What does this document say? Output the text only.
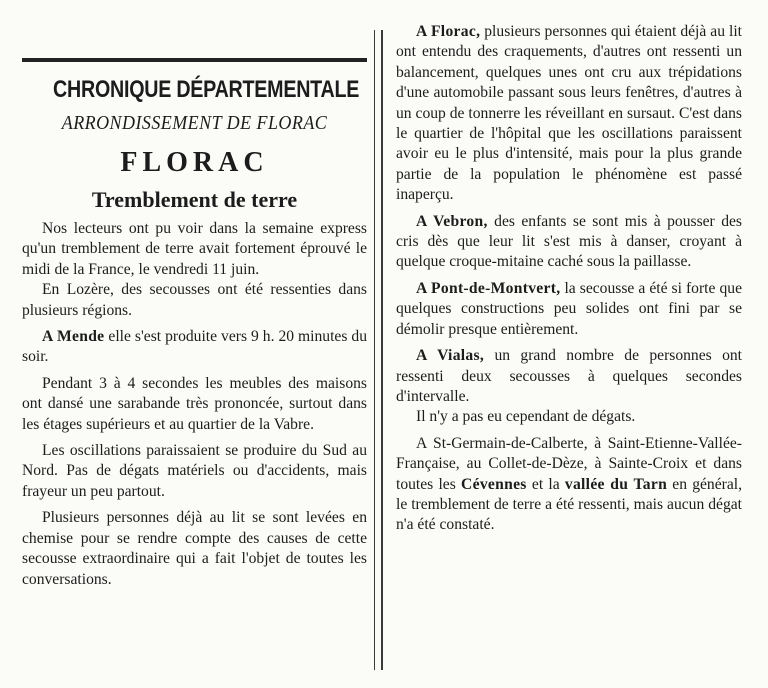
CHRONIQUE DÉPARTEMENTALE
ARRONDISSEMENT DE FLORAC
FLORAC
Tremblement de terre

Nos lecteurs ont pu voir dans la semaine express qu'un tremblement de terre avait fortement éprouvé le midi de la France, le vendredi 11 juin.

En Lozère, des secousses ont été ressenties dans plusieurs régions.

A Mende elle s'est produite vers 9 h. 20 minutes du soir.

Pendant 3 à 4 secondes les meubles des maisons ont dansé une sarabande très prononcée, surtout dans les étages supérieurs et au quartier de la Vabre.

Les oscillations paraissaient se produire du Sud au Nord. Pas de dégats matériels ou d'accidents, mais frayeur un peu partout.

Plusieurs personnes déjà au lit se sont levées en chemise pour se rendre compte des causes de cette secousse extraordinaire qui a fait l'objet de toutes les conversations.

A Florac, plusieurs personnes qui étaient déjà au lit ont entendu des craquements, d'autres ont ressenti un balancement, quelques unes ont cru aux trépidations d'une automobile passant sous leurs fenêtres, d'autres à un coup de tonnerre les réveillant en sursaut. C'est dans le quartier de l'hôpital que les oscillations paraissent avoir eu le plus d'intensité, mais pour la plus grande partie de la population le phénomène est passé inaperçu.

A Vebron, des enfants se sont mis à pousser des cris dès que leur lit s'est mis à danser, croyant à quelque croque-mitaine caché sous la paillasse.

A Pont-de-Montvert, la secousse a été si forte que quelques constructions peu solides ont fini par se démolir presque entièrement.

A Vialas, un grand nombre de personnes ont ressenti deux secousses à quelques secondes d'intervalle.

Il n'y a pas eu cependant de dégats.

A St-Germain-de-Calberte, à Saint-Etienne-Vallée-Française, au Collet-de-Dèze, à Sainte-Croix et dans toutes les Cévennes et la vallée du Tarn en général, le tremblement de terre a été ressenti, mais aucun dégat n'a été constaté.
